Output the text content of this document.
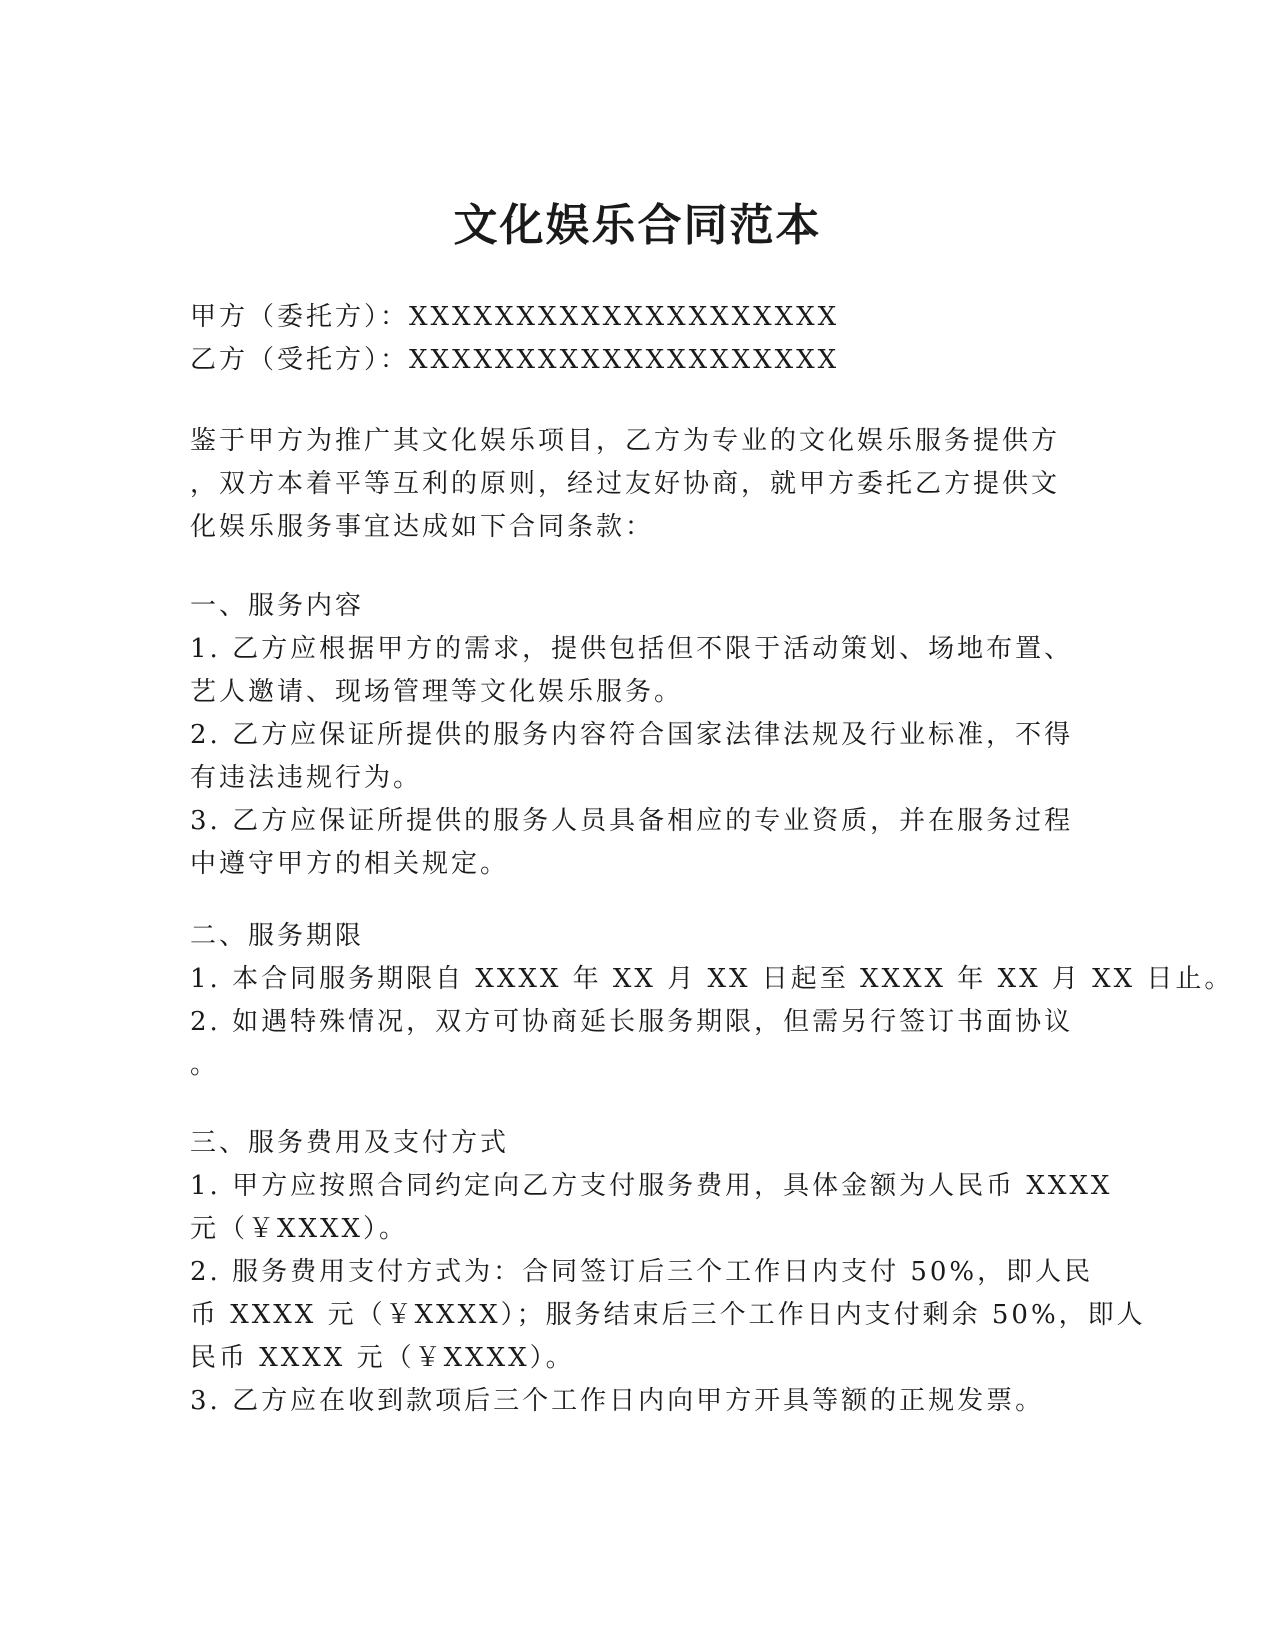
文化娱乐合同范本
甲方（委托方）：XXXXXXXXXXXXXXXXXXXX
乙方（受托方）：XXXXXXXXXXXXXXXXXXXX
鉴于甲方为推广其文化娱乐项目，乙方为专业的文化娱乐服务提供方
，双方本着平等互利的原则，经过友好协商，就甲方委托乙方提供文
化娱乐服务事宜达成如下合同条款：
一、服务内容
1. 乙方应根据甲方的需求，提供包括但不限于活动策划、场地布置、
艺人邀请、现场管理等文化娱乐服务。
2. 乙方应保证所提供的服务内容符合国家法律法规及行业标准，不得
有违法违规行为。
3. 乙方应保证所提供的服务人员具备相应的专业资质，并在服务过程
中遵守甲方的相关规定。
二、服务期限
1. 本合同服务期限自 XXXX 年 XX 月 XX 日起至 XXXX 年 XX 月 XX 日止。
2. 如遇特殊情况，双方可协商延长服务期限，但需另行签订书面协议
。
三、服务费用及支付方式
1. 甲方应按照合同约定向乙方支付服务费用，具体金额为人民币 XXXX
元（￥XXXX）。
2. 服务费用支付方式为：合同签订后三个工作日内支付 50%，即人民
币 XXXX 元（￥XXXX）；服务结束后三个工作日内支付剩余 50%，即人
民币 XXXX 元（￥XXXX）。
3. 乙方应在收到款项后三个工作日内向甲方开具等额的正规发票。
